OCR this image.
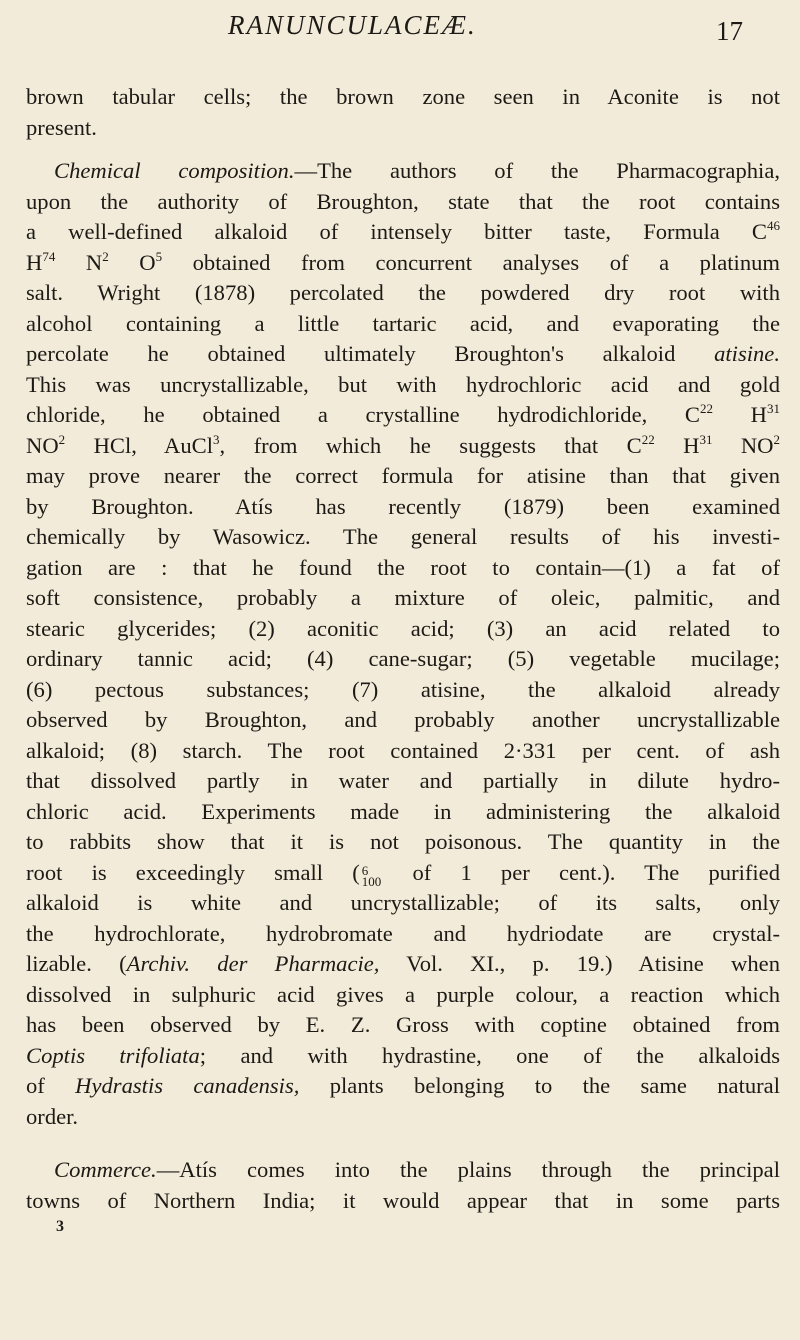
RANUNCULACEÆ.	17
brown tabular cells; the brown zone seen in Aconite is not
present.
Chemical composition.—The authors of the Pharmacographia,
upon the authority of Broughton, state that the root contains
a well-defined alkaloid of intensely bitter taste, Formula $C^{46}$
$H^{74}$ $N^2$ $O^5$ obtained from concurrent analyses of a platinum
salt. Wright (1878) percolated the powdered dry root with
alcohol containing a little tartaric acid, and evaporating the
percolate he obtained ultimately Broughton's alkaloid atisine.
This was uncrystallizable, but with hydrochloric acid and gold
chloride, he obtained a crystalline hydrodichloride, $C^{22}$ $H^{31}$
$NO^2$ HCl, AuCl$^3$, from which he suggests that $C^{22}$ $H^{31}$ $NO^2$
may prove nearer the correct formula for atisine than that given
by Broughton. Atís has recently (1879) been examined
chemically by Wasowicz. The general results of his investi-
gation are : that he found the root to contain—(1) a fat of
soft consistence, probably a mixture of oleic, palmitic, and
stearic glycerides; (2) aconitic acid; (3) an acid related to
ordinary tannic acid; (4) cane-sugar; (5) vegetable mucilage;
(6) pectous substances; (7) atisine, the alkaloid already
observed by Broughton, and probably another uncrystallizable
alkaloid; (8) starch. The root contained 2·331 per cent. of ash
that dissolved partly in water and partially in dilute hydro-
chloric acid. Experiments made in administering the alkaloid
to rabbits show that it is not poisonous. The quantity in the
root is exceedingly small ( 6
100 of 1 per cent.). The purified
alkaloid is white and uncrystallizable; of its salts, only
the hydrochlorate, hydrobromate and hydriodate are crystal-
lizable. (Archiv. der Pharmacie, Vol. XI., p. 19.) Atisine when
dissolved in sulphuric acid gives a purple colour, a reaction which
has been observed by E. Z. Gross with coptine obtained from
Coptis trifoliata; and with hydrastine, one of the alkaloids
of Hydrastis canadensis, plants belonging to the same natural
order.
Commerce.—Atís comes into the plains through the principal
towns of Northern India; it would appear that in some parts
3
